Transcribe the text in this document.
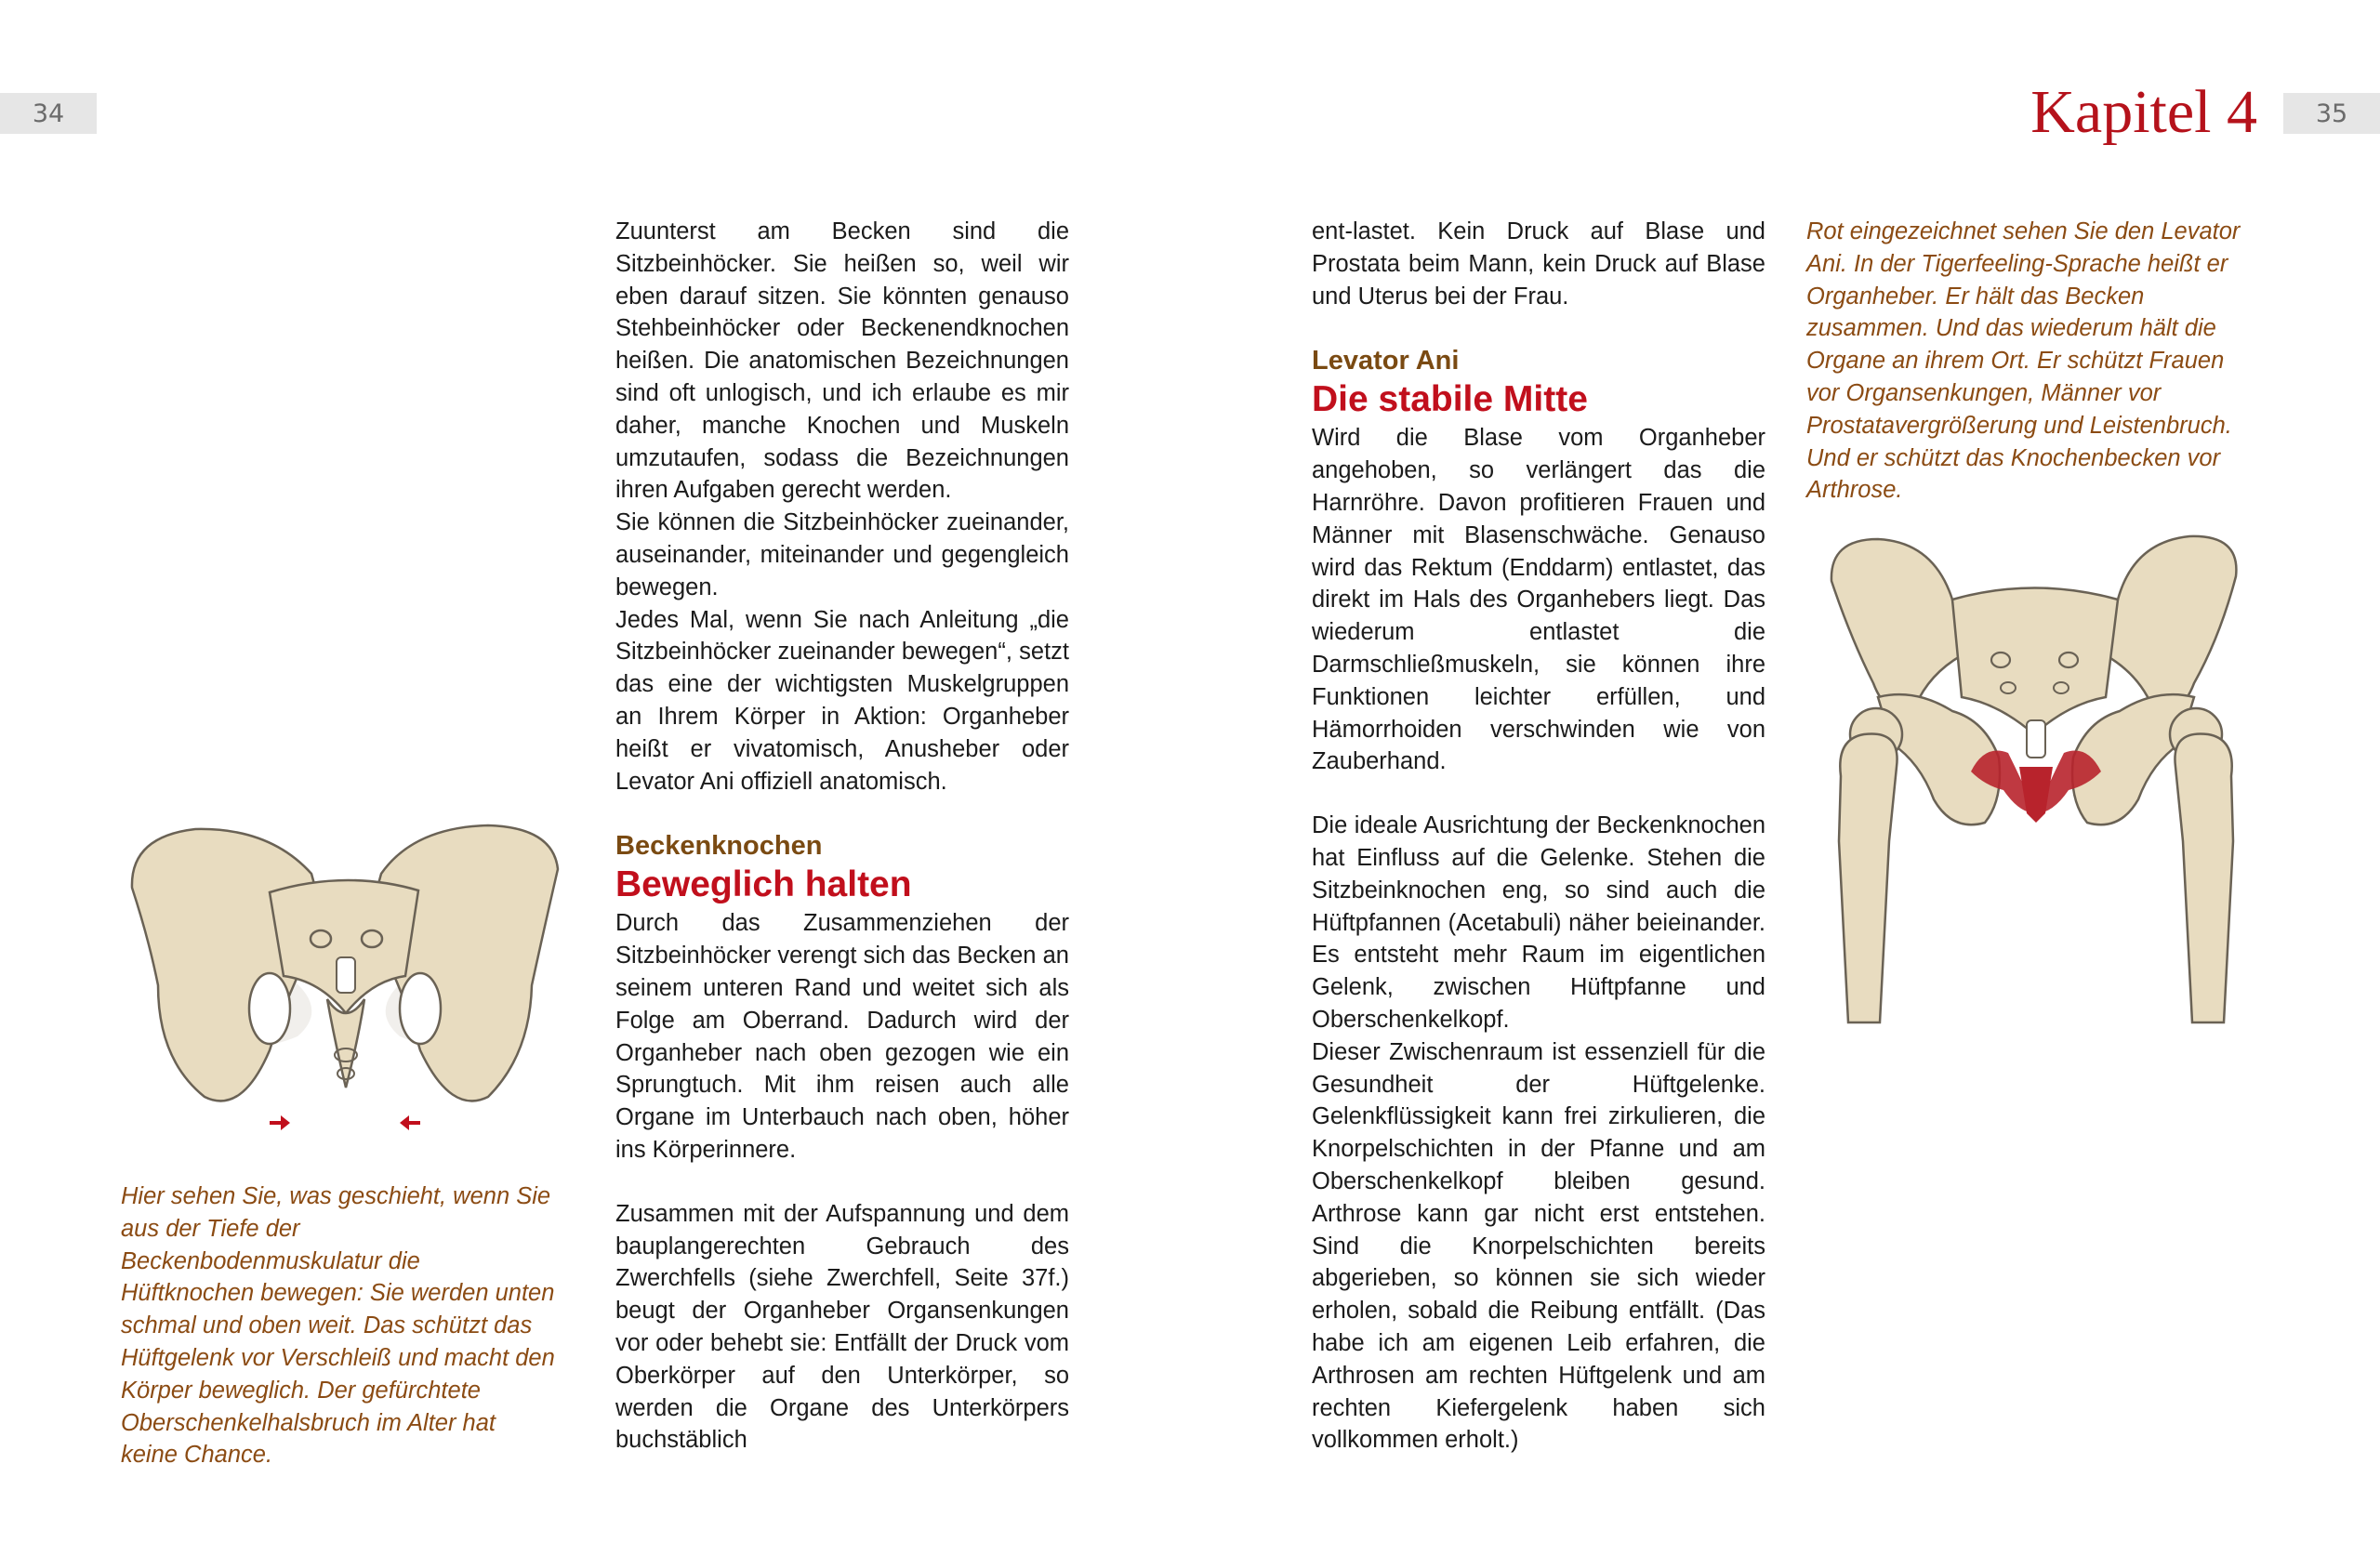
34	Kapitel 4	35
Hier sehen Sie, was geschieht, wenn Sie aus der Tiefe der Beckenbodenmuskulatur die Hüftknochen bewegen: Sie werden unten schmal und oben weit. Das schützt das Hüftgelenk vor Verschleiß und macht den Körper beweglich. Der gefürchtete Oberschenkelhalsbruch im Alter hat keine Chance.

Zuunterst am Becken sind die Sitzbeinhöcker. Sie heißen so, weil wir eben darauf sitzen. Sie könnten genauso Stehbeinhöcker oder Beckenendknochen heißen. Die anatomischen Bezeichnungen sind oft unlogisch, und ich erlaube es mir daher, manche Knochen und Muskeln umzutaufen, sodass die Bezeichnungen ihren Aufgaben gerecht werden.

Sie können die Sitzbeinhöcker zueinander, auseinander, miteinander und gegengleich bewegen.

Jedes Mal, wenn Sie nach Anleitung „die Sitzbeinhöcker zueinander bewegen“, setzt das eine der wichtigsten Muskelgruppen an Ihrem Körper in Aktion: Organheber heißt er vivatomisch, Anusheber oder Levator Ani offiziell anatomisch.

Beckenknochen

Beweglich halten

Durch das Zusammenziehen der Sitzbeinhöcker verengt sich das Becken an seinem unteren Rand und weitet sich als Folge am Oberrand. Dadurch wird der Organheber nach oben gezogen wie ein Sprungtuch. Mit ihm reisen auch alle Organe im Unterbauch nach oben, höher ins Körperinnere.

Zusammen mit der Aufspannung und dem bauplangerechten Gebrauch des Zwerchfells (siehe Zwerchfell, Seite 37f.) beugt der Organheber Organsenkungen vor oder behebt sie: Entfällt der Druck vom Oberkörper auf den Unterkörper, so werden die Organe des Unterkörpers buchstäblich

ent-lastet. Kein Druck auf Blase und Prostata beim Mann, kein Druck auf Blase und Uterus bei der Frau.

Levator Ani

Die stabile Mitte

Wird die Blase vom Organheber angehoben, so verlängert das die Harnröhre. Davon profitieren Frauen und Männer mit Blasenschwäche. Genauso wird das Rektum (Enddarm) entlastet, das direkt im Hals des Organhebers liegt. Das wiederum entlastet die Darmschließmuskeln, sie können ihre Funktionen leichter erfüllen, und Hämorrhoiden verschwinden wie von Zauberhand.

Die ideale Ausrichtung der Beckenknochen hat Einfluss auf die Gelenke. Stehen die Sitzbeinknochen eng, so sind auch die Hüftpfannen (Acetabuli) näher beieinander. Es entsteht mehr Raum im eigentlichen Gelenk, zwischen Hüftpfanne und Oberschenkelkopf.

Dieser Zwischenraum ist essenziell für die Gesundheit der Hüftgelenke. Gelenkflüssigkeit kann frei zirkulieren, die Knorpelschichten in der Pfanne und am Oberschenkelkopf bleiben gesund. Arthrose kann gar nicht erst entstehen. Sind die Knorpelschichten bereits abgerieben, so können sie sich wieder erholen, sobald die Reibung entfällt. (Das habe ich am eigenen Leib erfahren, die Arthrosen am rechten Hüftgelenk und am rechten Kiefergelenk haben sich vollkommen erholt.)

Rot eingezeichnet sehen Sie den Levator Ani. In der Tigerfeeling-Sprache heißt er Organheber. Er hält das Becken zusammen. Und das wiederum hält die Organe an ihrem Ort. Er schützt Frauen vor Organsenkungen, Männer vor Prostatavergrößerung und Leistenbruch. Und er schützt das Knochenbecken vor Arthrose.
